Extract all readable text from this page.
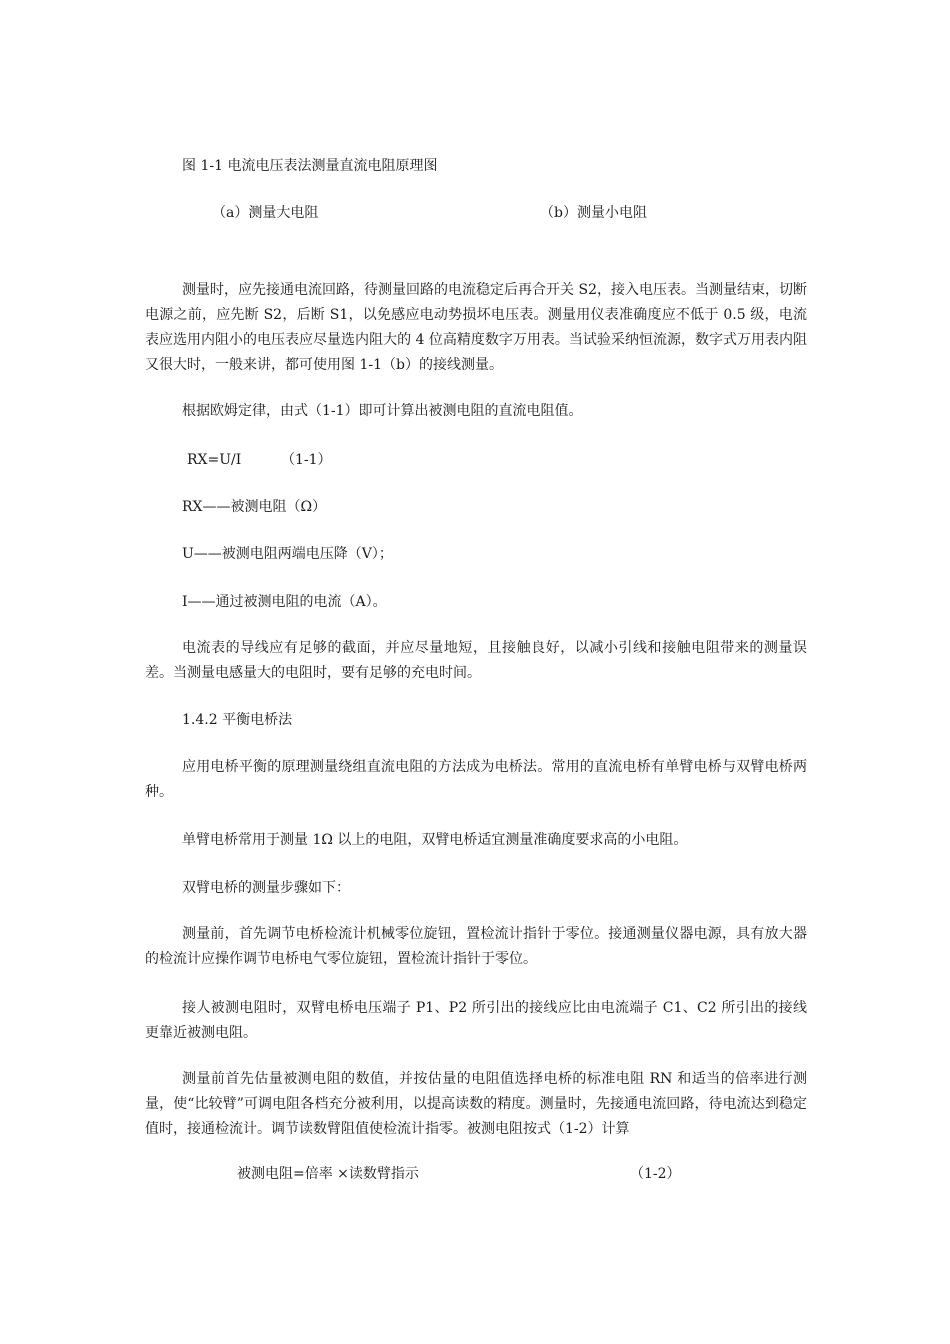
图 1-1 电流电压表法测量直流电阻原理图
（a）测量大电阻	（b）测量小电阻
测量时，应先接通电流回路，待测量回路的电流稳定后再合开关 S2，接入电压表。当测量结束，切断电源之前，应先断 S2，后断 S1，以免感应电动势损坏电压表。测量用仪表准确度应不低于 0.5 级，电流表应选用内阻小的电压表应尽量选内阻大的 4 位高精度数字万用表。当试验采纳恒流源，数字式万用表内阻又很大时，一般来讲，都可使用图 1-1（b）的接线测量。
根据欧姆定律，由式（1-1）即可计算出被测电阻的直流电阻值。
RX=U/I	（1-1）
RX——被测电阻（Ω）
U——被测电阻两端电压降（V）；
I——通过被测电阻的电流（A）。
电流表的导线应有足够的截面，并应尽量地短，且接触良好，以减小引线和接触电阻带来的测量误差。当测量电感量大的电阻时，要有足够的充电时间。
1.4.2 平衡电桥法
应用电桥平衡的原理测量绕组直流电阻的方法成为电桥法。常用的直流电桥有单臂电桥与双臂电桥两种。
单臂电桥常用于测量 1Ω 以上的电阻，双臂电桥适宜测量准确度要求高的小电阻。
双臂电桥的测量步骤如下：
测量前，首先调节电桥检流计机械零位旋钮，置检流计指针于零位。接通测量仪器电源，具有放大器的检流计应操作调节电桥电气零位旋钮，置检流计指针于零位。
接人被测电阻时，双臂电桥电压端子 P1、P2 所引出的接线应比由电流端子 C1、C2 所引出的接线更靠近被测电阻。
测量前首先估量被测电阻的数值，并按估量的电阻值选择电桥的标准电阻 RN 和适当的倍率进行测量，使“比较臂”可调电阻各档充分被利用，以提高读数的精度。测量时，先接通电流回路，待电流达到稳定值时，接通检流计。调节读数臂阻值使检流计指零。被测电阻按式（1-2）计算
被测电阻=倍率 ×读数臂指示	（1-2）
